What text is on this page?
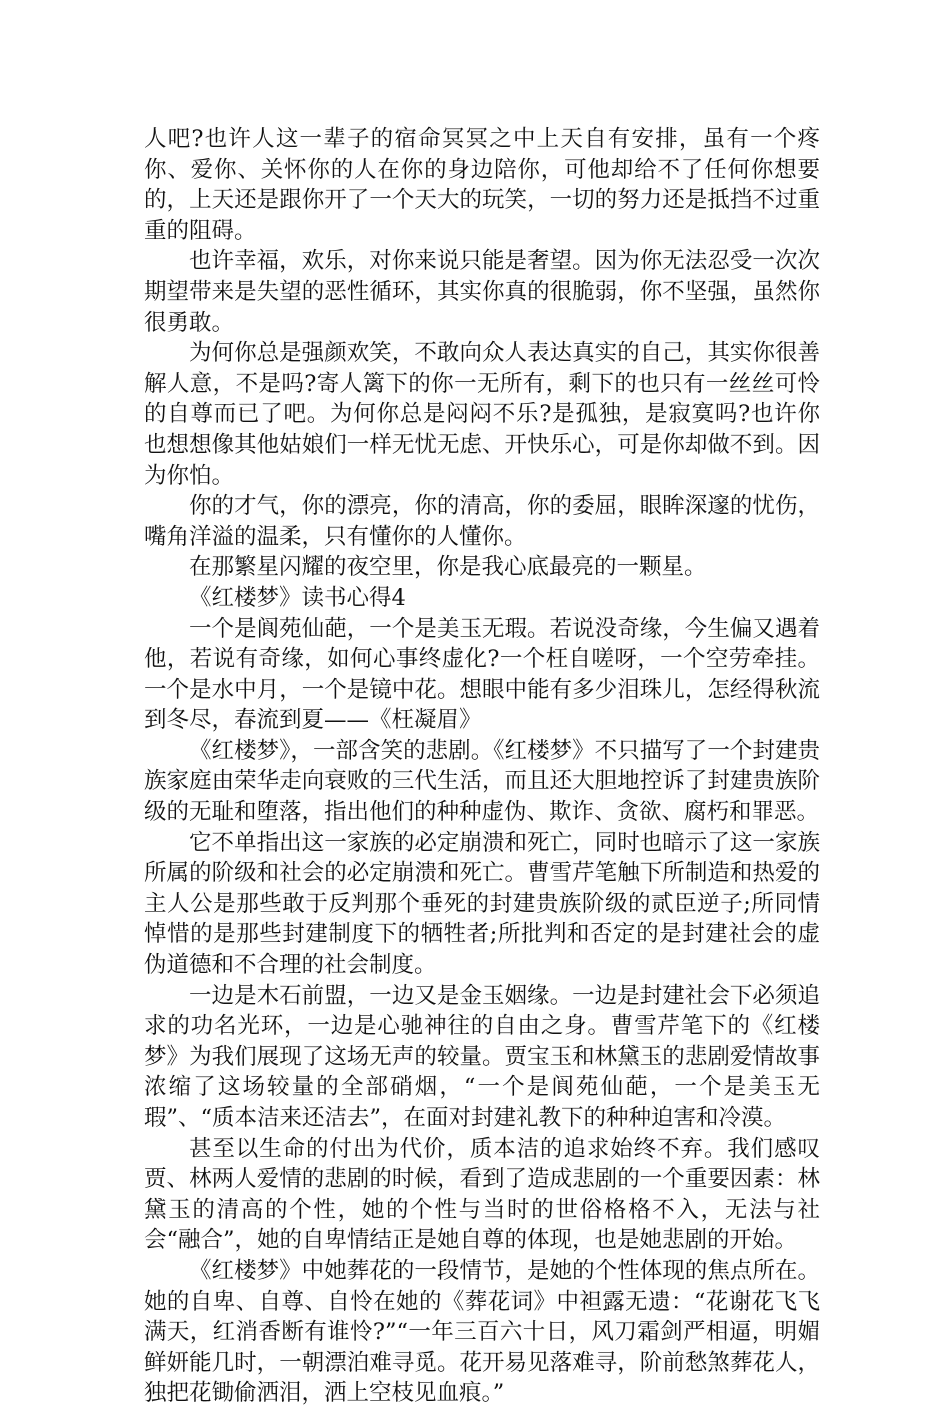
人吧?也许人这一辈子的宿命冥冥之中上天自有安排，虽有一个疼你、爱你、关怀你的人在你的身边陪你，可他却给不了任何你想要的，上天还是跟你开了一个天大的玩笑，一切的努力还是抵挡不过重重的阻碍。

也许幸福，欢乐，对你来说只能是奢望。因为你无法忍受一次次期望带来是失望的恶性循环，其实你真的很脆弱，你不坚强，虽然你很勇敢。

为何你总是强颜欢笑，不敢向众人表达真实的自己，其实你很善解人意，不是吗?寄人篱下的你一无所有，剩下的也只有一丝丝可怜的自尊而已了吧。为何你总是闷闷不乐?是孤独，是寂寞吗?也许你也想想像其他姑娘们一样无忧无虑、开快乐心，可是你却做不到。因为你怕。

你的才气，你的漂亮，你的清高，你的委屈，眼眸深邃的忧伤，嘴角洋溢的温柔，只有懂你的人懂你。

在那繁星闪耀的夜空里，你是我心底最亮的一颗星。

《红楼梦》读书心得4

一个是阆苑仙葩，一个是美玉无瑕。若说没奇缘，今生偏又遇着他，若说有奇缘，如何心事终虚化?一个枉自嗟呀，一个空劳牵挂。一个是水中月，一个是镜中花。想眼中能有多少泪珠儿，怎经得秋流到冬尽，春流到夏——《枉凝眉》

《红楼梦》，一部含笑的悲剧。《红楼梦》不只描写了一个封建贵族家庭由荣华走向衰败的三代生活，而且还大胆地控诉了封建贵族阶级的无耻和堕落，指出他们的种种虚伪、欺诈、贪欲、腐朽和罪恶。

它不单指出这一家族的必定崩溃和死亡，同时也暗示了这一家族所属的阶级和社会的必定崩溃和死亡。曹雪芹笔触下所制造和热爱的主人公是那些敢于反判那个垂死的封建贵族阶级的贰臣逆子;所同情悼惜的是那些封建制度下的牺牲者;所批判和否定的是封建社会的虚伪道德和不合理的社会制度。

一边是木石前盟，一边又是金玉姻缘。一边是封建社会下必须追求的功名光环，一边是心驰神往的自由之身。曹雪芹笔下的《红楼梦》为我们展现了这场无声的较量。贾宝玉和林黛玉的悲剧爱情故事浓缩了这场较量的全部硝烟，“一个是阆苑仙葩，一个是美玉无瑕”、“质本洁来还洁去”，在面对封建礼教下的种种迫害和冷漠。

甚至以生命的付出为代价，质本洁的追求始终不弃。我们感叹贾、林两人爱情的悲剧的时候，看到了造成悲剧的一个重要因素：林黛玉的清高的个性，她的个性与当时的世俗格格不入，无法与社会“融合”，她的自卑情结正是她自尊的体现，也是她悲剧的开始。

《红楼梦》中她葬花的一段情节，是她的个性体现的焦点所在。她的自卑、自尊、自怜在她的《葬花词》中袒露无遗：“花谢花飞飞满天，红消香断有谁怜?”“一年三百六十日，风刀霜剑严相逼，明媚鲜妍能几时，一朝漂泊难寻觅。花开易见落难寻，阶前愁煞葬花人，独把花锄偷洒泪，洒上空枝见血痕。”
